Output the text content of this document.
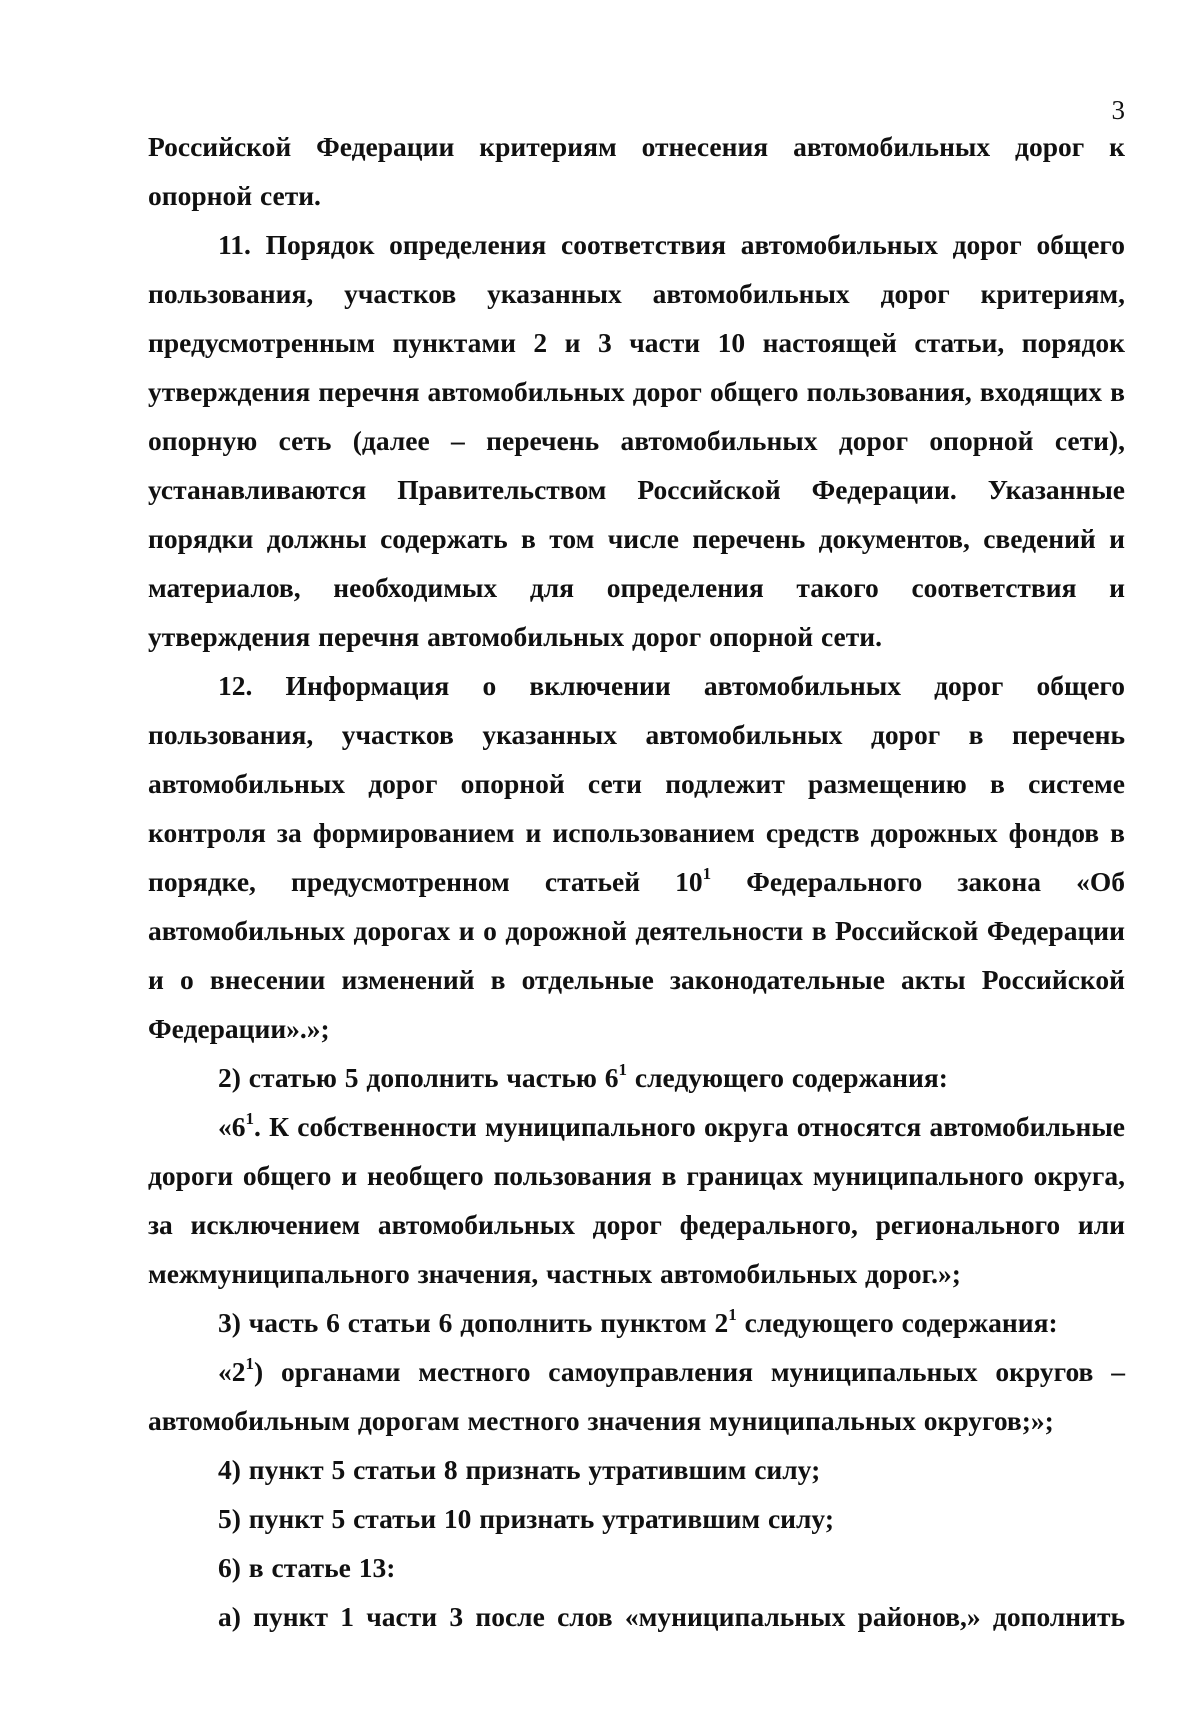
3

Российской Федерации критериям отнесения автомобильных дорог к опорной сети.

11. Порядок определения соответствия автомобильных дорог общего пользования, участков указанных автомобильных дорог критериям, предусмотренным пунктами 2 и 3 части 10 настоящей статьи, порядок утверждения перечня автомобильных дорог общего пользования, входящих в опорную сеть (далее – перечень автомобильных дорог опорной сети), устанавливаются Правительством Российской Федерации. Указанные порядки должны содержать в том числе перечень документов, сведений и материалов, необходимых для определения такого соответствия и утверждения перечня автомобильных дорог опорной сети.

12. Информация о включении автомобильных дорог общего пользования, участков указанных автомобильных дорог в перечень автомобильных дорог опорной сети подлежит размещению в системе контроля за формированием и использованием средств дорожных фондов в порядке, предусмотренном статьей $10^1$ Федерального закона «Об автомобильных дорогах и о дорожной деятельности в Российской Федерации и о внесении изменений в отдельные законодательные акты Российской Федерации».»;

2) статью 5 дополнить частью $6^1$ следующего содержания:

«$6^1$. К собственности муниципального округа относятся автомобильные дороги общего и необщего пользования в границах муниципального округа, за исключением автомобильных дорог федерального, регионального или межмуниципального значения, частных автомобильных дорог.»;

3) часть 6 статьи 6 дополнить пунктом $2^1$ следующего содержания:

«$2^1$) органами местного самоуправления муниципальных округов – автомобильным дорогам местного значения муниципальных округов;»;

4) пункт 5 статьи 8 признать утратившим силу;

5) пункт 5 статьи 10 признать утратившим силу;

6) в статье 13:

а) пункт 1 части 3 после слов «муниципальных районов,» дополнить
